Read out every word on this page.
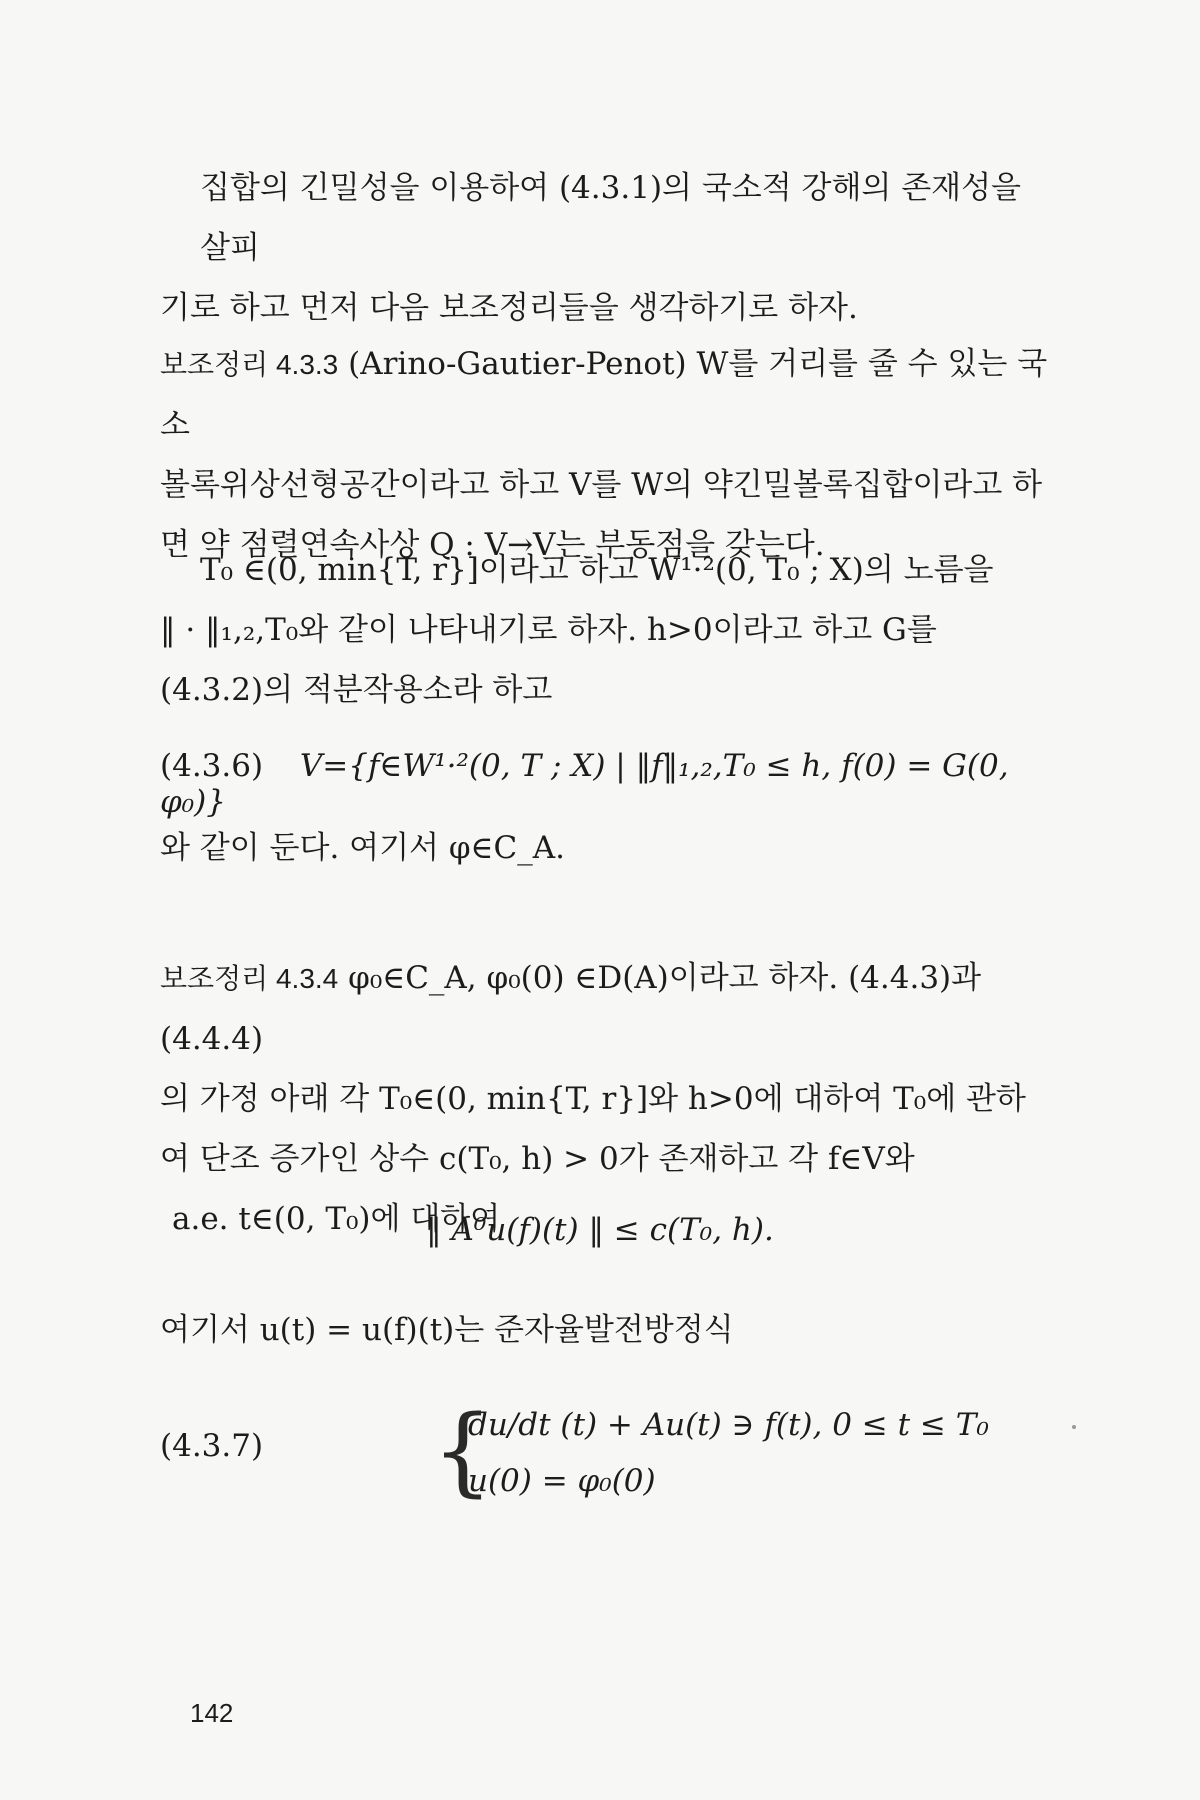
집합의 긴밀성을 이용하여 (4.3.1)의 국소적 강해의 존재성을 살피

기로 하고 먼저 다음 보조정리들을 생각하기로 하자.

보조정리 4.3.3 (Arino-Gautier-Penot) W를 거리를 줄 수 있는 국소

볼록위상선형공간이라고 하고 V를 W의 약긴밀볼록집합이라고 하

면 약 점렬연속사상 Q : V→V는 부동점을 갖는다.

T₀ ∈(0, min{T, r}]이라고 하고 W¹·²(0, T₀ ; X)의 노름을

‖ · ‖₁,₂,T₀와 같이 나타내기로 하자. h>0이라고 하고 G를

(4.3.2)의 적분작용소라 하고

(4.3.6) V={f∈W¹·²(0, T ; X) | ‖f‖₁,₂,T₀ ≤ h, f(0) = G(0, φ₀)}

와 같이 둔다. 여기서 φ∈C_A.

보조정리 4.3.4 φ₀∈C_A, φ₀(0) ∈D(A)이라고 하자. (4.4.3)과 (4.4.4)

의 가정 아래 각 T₀∈(0, min{T, r}]와 h>0에 대하여 T₀에 관하

여 단조 증가인 상수 c(T₀, h) > 0가 존재하고 각 f∈V와

a.e. t∈(0, T₀)에 대하여

‖ A⁰u(f)(t) ‖ ≤ c(T₀, h).

여기서 u(t) = u(f)(t)는 준자율발전방정식

(4.3.7)	{
du/dt (t) + Au(t) ∋ f(t), 0 ≤ t ≤ T₀
u(0) = φ₀(0)
142
